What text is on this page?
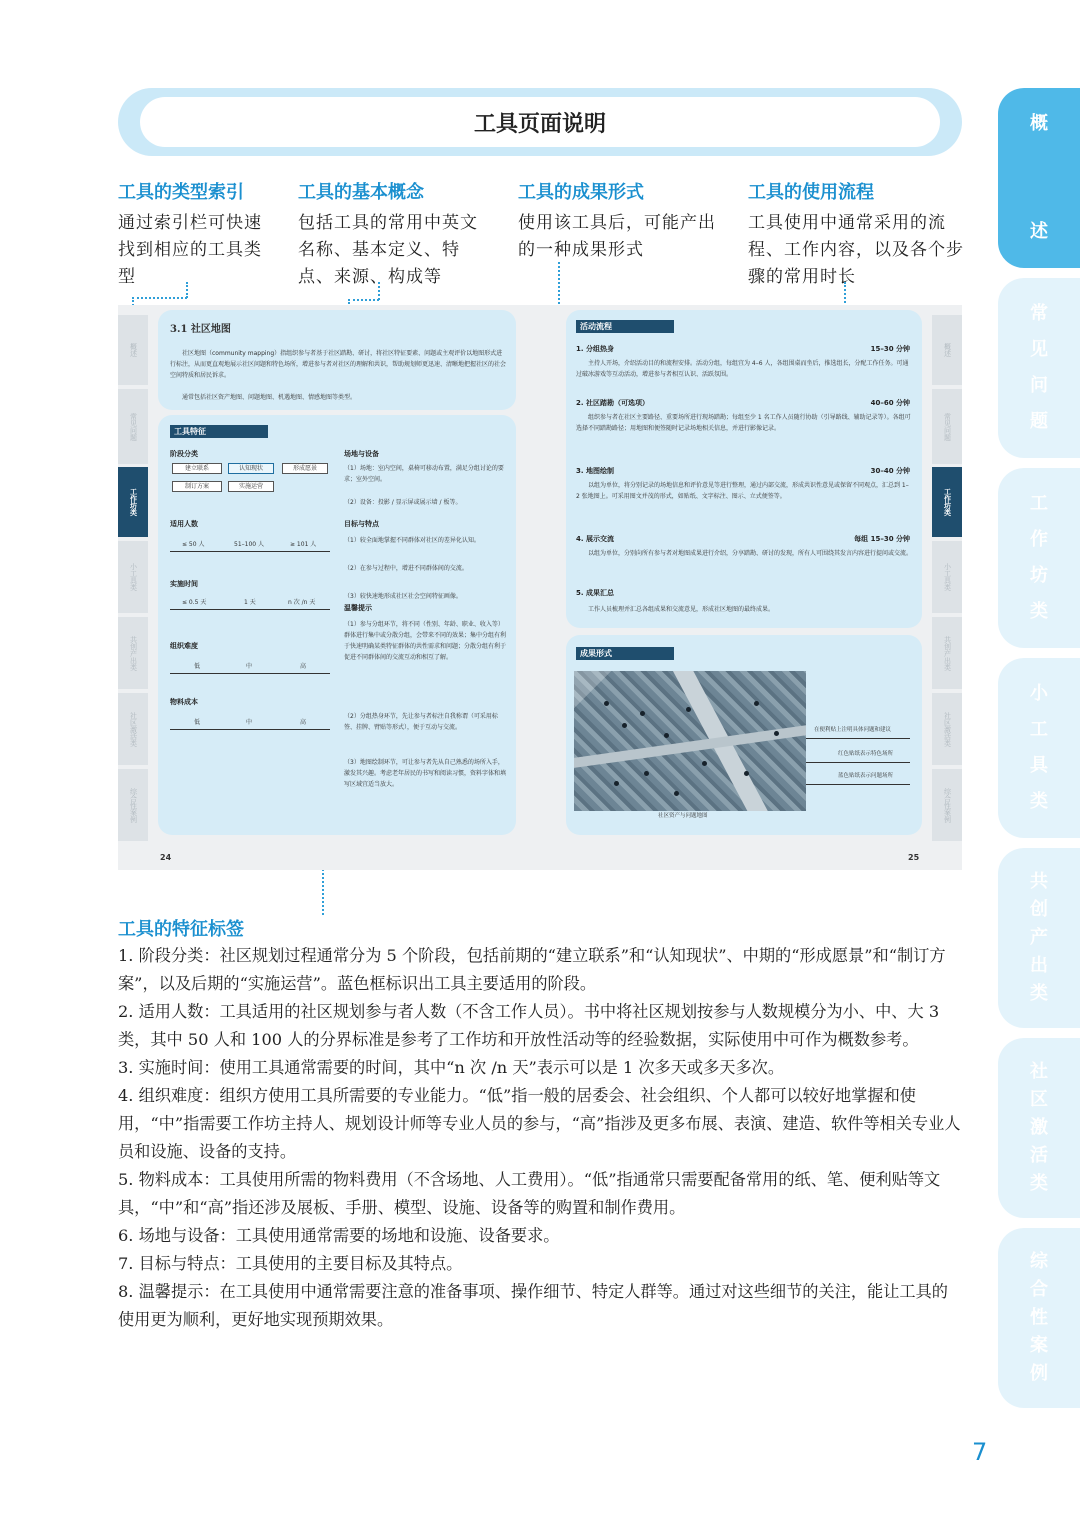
概
述
常
见
问
题
工
作
坊
类
小
工
具
类
共
创
产
出
类
社
区
激
活
类
综
合
性
案
例
工具页面说明
工具的类型索引

通过索引栏可快速找到相应的工具类型

工具的基本概念

包括工具的常用中英文名称、基本定义、特点、来源、构成等

工具的成果形式

使用该工具后，可能产出的一种成果形式

工具的使用流程

工具使用中通常采用的流程、工作内容，以及各个步骤的常用时长

概述
常见问题
工作坊类
小工具类
共创产出类
社区激活类
综合性案例
概述
常见问题
工作坊类
小工具类
共创产出类
社区激活类
综合性案例
3.1 社区地图
社区地图（community mapping）指组织参与者基于社区踏勘、研讨，将社区特征要素、问题或主观评价以地图形式进行标注，从而更直观地展示社区问题和特色场所，增进参与者对社区的理解和共识，帮助规划师更迅速、清晰地把握社区的社会空间特质和居民诉求。
通常包括社区资产地图、问题地图、机遇地图、情感地图等类型。
工具特征
阶段分类
建立联系	认知现状	形成愿景
制订方案	实施运营
适用人数
≤ 50 人	51–100 人	≥ 101 人
实施时间
≤ 0.5 天	1 天	n 次 /n 天
组织难度
低	中	高
物料成本
低	中	高
场地与设备
（1）场地：室内空间，桌椅可移动布置，满足分组讨论的要求；室外空间。
（2）设备：投影 / 显示屏或展示墙 / 板等。
目标与特点
（1）较全面地掌握不同群体对社区的差异化认知。
（2）在参与过程中，增进不同群体间的交流。
（3）较快速地形成社区社会空间特征画像。
温馨提示
（1）参与分组环节，将不同（性别、年龄、职业、收入等）群体进行集中或分散分组，会带来不同的效果；集中分组有利于快速明确某类特征群体的共性需求和问题；分散分组有利于促进不同群体间的交流互动和相互了解。
（2）分组热身环节，先让参与者标注自我称谓（可采用标签、挂牌、臂贴等形式），便于互动与交流。
（3）地图绘制环节，可让参与者先从自己熟悉的场所入手，激发其兴趣。考虑老年居民的书写和阅读习惯，资料字体和填写区域宜适当放大。
活动流程
1. 分组热身	15–30 分钟
主持人开场，介绍活动目的和流程安排。活动分组，每组宜为 4–6 人，各组围桌而坐后，推选组长，分配工作任务。可通过破冰游戏等互动活动，增进参与者相互认识、活跃氛围。
2. 社区踏勘（可选项）	40–60 分钟
组织参与者在社区主要路径、重要场所进行现场踏勘；每组至少 1 名工作人员随行协助（引导路线、辅助记录等）。各组可选择不同踏勘路径；用地图和便签随时记录场地相关信息，并进行影像记录。
3. 地图绘制	30–40 分钟
以组为单位，将分别记录的场地信息和评价意见等进行整理，通过内部交流，形成共识性意见或保留不同观点，汇总到 1–2 张地图上。可采用图文并茂的形式，如贴纸、文字标注、图示、立式便签等。
4. 展示交流	每组 15–30 分钟
以组为单位，分别向所有参与者对地图成果进行介绍，分享踏勘、研讨的发现，所有人可围绕其发言内容进行提问或交流。
5. 成果汇总
工作人员梳理并汇总各组成果和交流意见，形成社区地图的最终成果。
成果形式
在便利贴上注明具体问题和建议
红色贴纸表示特色场所
蓝色贴纸表示问题场所
社区资产与问题地图
24	25
工具的特征标签

1. 阶段分类：社区规划过程通常分为 5 个阶段，包括前期的“建立联系”和“认知现状”、中期的“形成愿景”和“制订方案”，以及后期的“实施运营”。蓝色框标识出工具主要适用的阶段。

2. 适用人数：工具适用的社区规划参与者人数（不含工作人员）。书中将社区规划按参与人数规模分为小、中、大 3 类，其中 50 人和 100 人的分界标准是参考了工作坊和开放性活动等的经验数据，实际使用中可作为概数参考。

3. 实施时间：使用工具通常需要的时间，其中“n 次 /n 天”表示可以是 1 次多天或多天多次。

4. 组织难度：组织方使用工具所需要的专业能力。“低”指一般的居委会、社会组织、个人都可以较好地掌握和使用，“中”指需要工作坊主持人、规划设计师等专业人员的参与，“高”指涉及更多布展、表演、建造、软件等相关专业人员和设施、设备的支持。

5. 物料成本：工具使用所需的物料费用（不含场地、人工费用）。“低”指通常只需要配备常用的纸、笔、便利贴等文具，“中”和“高”指还涉及展板、手册、模型、设施、设备等的购置和制作费用。

6. 场地与设备：工具使用通常需要的场地和设施、设备要求。

7. 目标与特点：工具使用的主要目标及其特点。

8. 温馨提示：在工具使用中通常需要注意的准备事项、操作细节、特定人群等。通过对这些细节的关注，能让工具的使用更为顺利，更好地实现预期效果。

7
